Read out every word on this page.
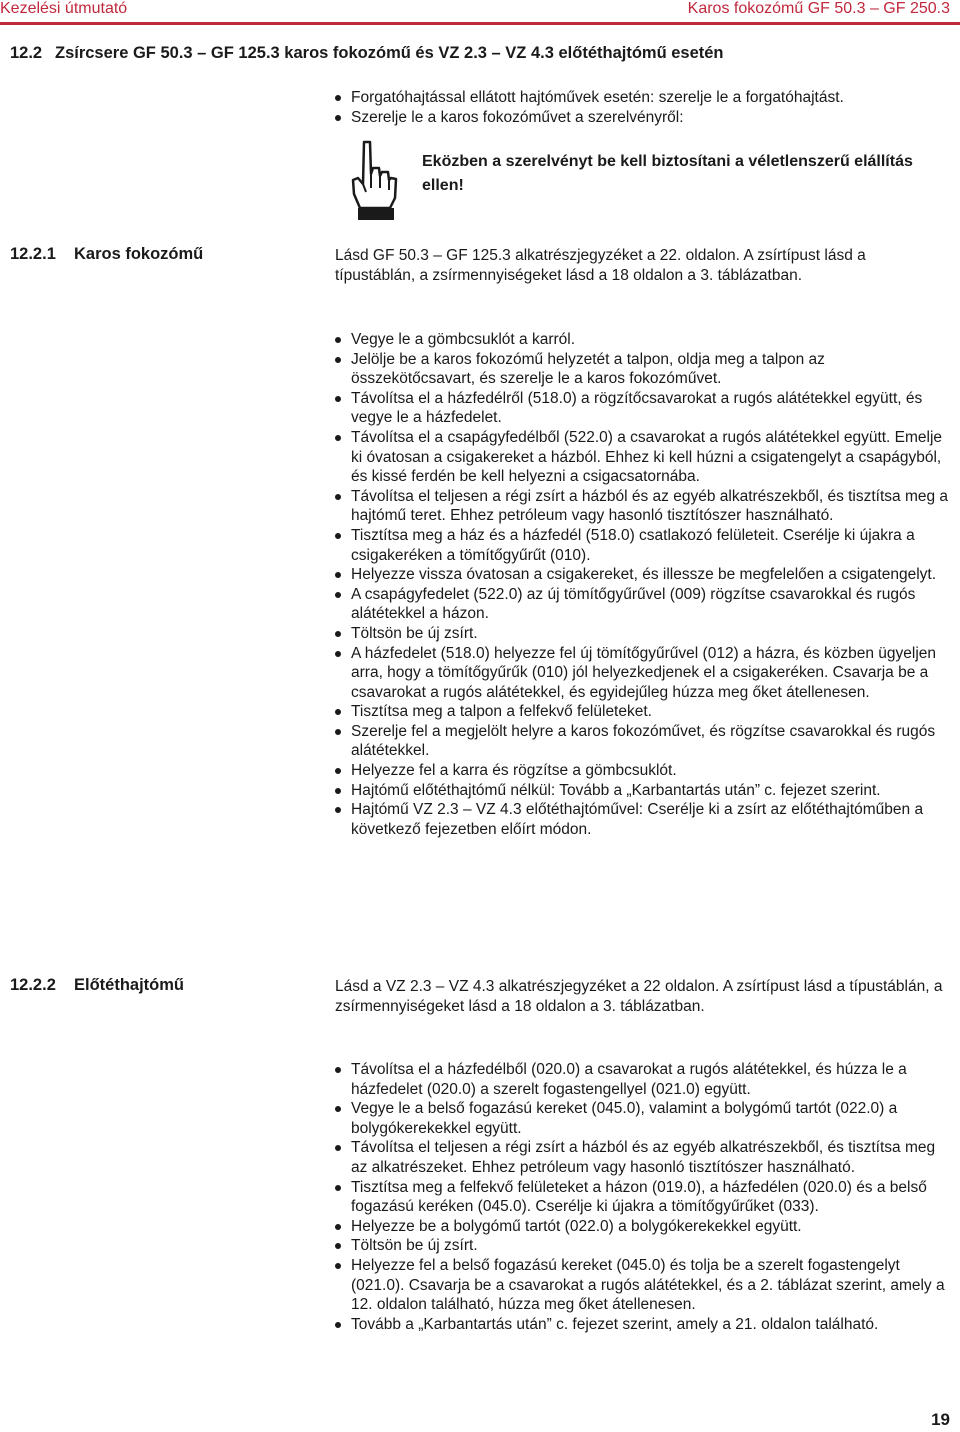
Kezelési útmutató	Karos fokozómű GF 50.3 – GF 250.3
12.2 Zsírcsere GF 50.3 – GF 125.3 karos fokozómű és VZ 2.3 – VZ 4.3 előtéthajtómű esetén
Forgatóhajtással ellátott hajtóművek esetén: szerelje le a forgatóhajtást.
Szerelje le a karos fokozóművet a szerelvényről:
Eközben a szerelvényt be kell biztosítani a véletlenszerű elállítás ellen!
12.2.1 Karos fokozómű	Lásd GF 50.3 – GF 125.3 alkatrészjegyzéket a 22. oldalon. A zsírtípust lásd a típustáblán, a zsírmennyiségeket lásd a 18 oldalon a 3. táblázatban.
Vegye le a gömbcsuklót a karról.
Jelölje be a karos fokozómű helyzetét a talpon, oldja meg a talpon az összekötőcsavart, és szerelje le a karos fokozóművet.
Távolítsa el a házfedélről (518.0) a rögzítőcsavarokat a rugós alátétekkel együtt, és vegye le a házfedelet.
Távolítsa el a csapágyfedélből (522.0) a csavarokat a rugós alátétekkel együtt. Emelje ki óvatosan a csigakereket a házból. Ehhez ki kell húzni a csigatengelyt a csapágyból, és kissé ferdén be kell helyezni a csigacsatornába.
Távolítsa el teljesen a régi zsírt a házból és az egyéb alkatrészekből, és tisztítsa meg a hajtómű teret. Ehhez petróleum vagy hasonló tisztítószer használható.
Tisztítsa meg a ház és a házfedél (518.0) csatlakozó felületeit. Cserélje ki újakra a csigakeréken a tömítőgyűrűt (010).
Helyezze vissza óvatosan a csigakereket, és illessze be megfelelően a csigatengelyt.
A csapágyfedelet (522.0) az új tömítőgyűrűvel (009) rögzítse csavarokkal és rugós alátétekkel a házon.
Töltsön be új zsírt.
A házfedelet (518.0) helyezze fel új tömítőgyűrűvel (012) a házra, és közben ügyeljen arra, hogy a tömítőgyűrűk (010) jól helyezkedjenek el a csigakeréken. Csavarja be a csavarokat a rugós alátétekkel, és egyidejűleg húzza meg őket átellenesen.
Tisztítsa meg a talpon a felfekvő felületeket.
Szerelje fel a megjelölt helyre a karos fokozóművet, és rögzítse csavarokkal és rugós alátétekkel.
Helyezze fel a karra és rögzítse a gömbcsuklót.
Hajtómű előtéthajtómű nélkül: Tovább a „Karbantartás után” c. fejezet szerint.
Hajtómű VZ 2.3 – VZ 4.3 előtéthajtóművel: Cserélje ki a zsírt az előtéthajtóműben a következő fejezetben előírt módon.
12.2.2 Előtéthajtómű	Lásd a VZ 2.3 – VZ 4.3 alkatrészjegyzéket a 22 oldalon. A zsírtípust lásd a típustáblán, a zsírmennyiségeket lásd a 18 oldalon a 3. táblázatban.
Távolítsa el a házfedélből (020.0) a csavarokat a rugós alátétekkel, és húzza le a házfedelet (020.0) a szerelt fogastengellyel (021.0) együtt.
Vegye le a belső fogazású kereket (045.0), valamint a bolygómű tartót (022.0) a bolygókerekekkel együtt.
Távolítsa el teljesen a régi zsírt a házból és az egyéb alkatrészekből, és tisztítsa meg az alkatrészeket. Ehhez petróleum vagy hasonló tisztítószer használható.
Tisztítsa meg a felfekvő felületeket a házon (019.0), a házfedélen (020.0) és a belső fogazású keréken (045.0). Cserélje ki újakra a tömítőgyűrűket (033).
Helyezze be a bolygómű tartót (022.0) a bolygókerekekkel együtt.
Töltsön be új zsírt.
Helyezze fel a belső fogazású kereket (045.0) és tolja be a szerelt fogastengelyt (021.0). Csavarja be a csavarokat a rugós alátétekkel, és a 2. táblázat szerint, amely a 12. oldalon található, húzza meg őket átellenesen.
Tovább a „Karbantartás után” c. fejezet szerint, amely a 21. oldalon található.
19
